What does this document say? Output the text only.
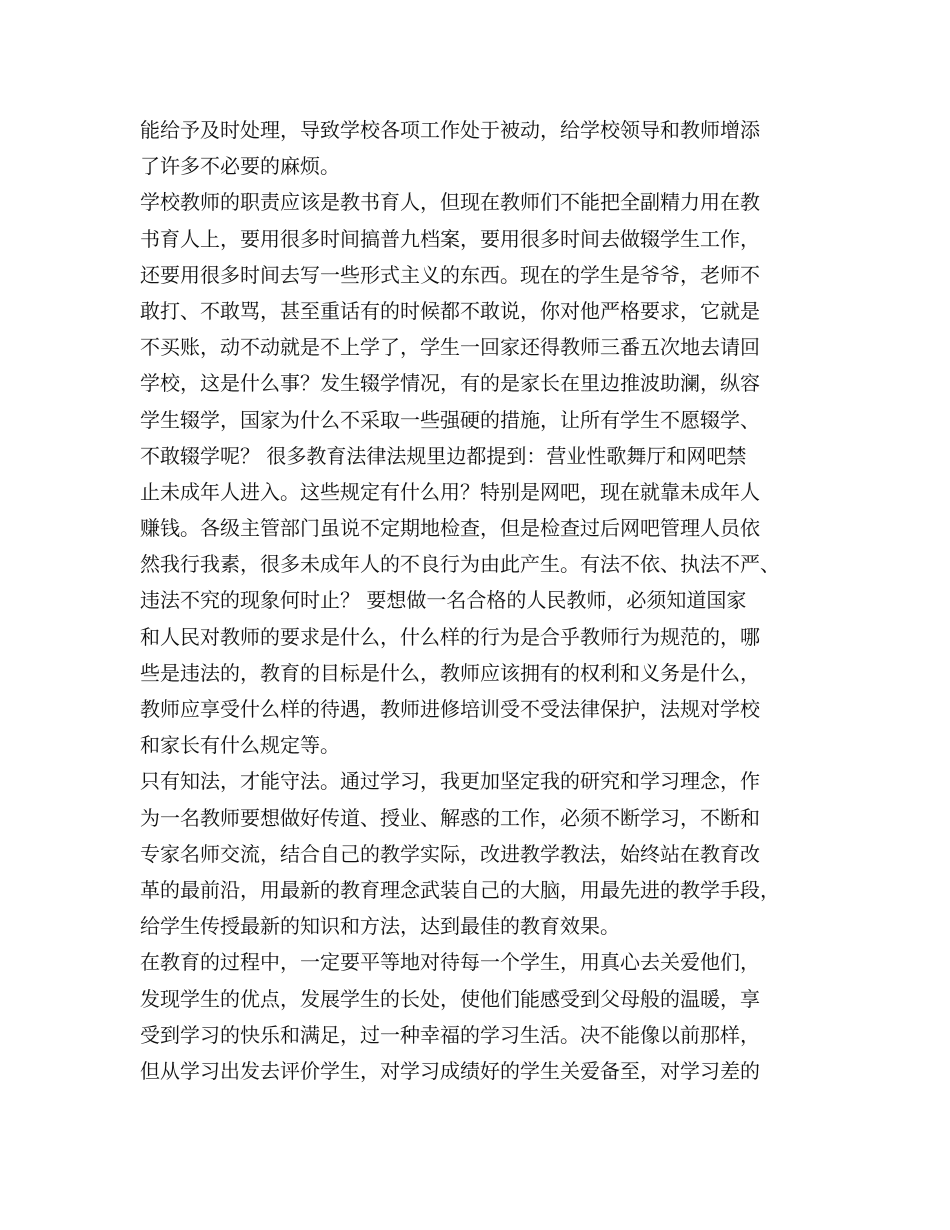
能给予及时处理，导致学校各项工作处于被动，给学校领导和教师增添
了许多不必要的麻烦。
学校教师的职责应该是教书育人，但现在教师们不能把全副精力用在教
书育人上，要用很多时间搞普九档案，要用很多时间去做辍学生工作，
还要用很多时间去写一些形式主义的东西。现在的学生是爷爷，老师不
敢打、不敢骂，甚至重话有的时候都不敢说，你对他严格要求，它就是
不买账，动不动就是不上学了，学生一回家还得教师三番五次地去请回
学校，这是什么事？发生辍学情况，有的是家长在里边推波助澜，纵容
学生辍学，国家为什么不采取一些强硬的措施，让所有学生不愿辍学、
不敢辍学呢？ 很多教育法律法规里边都提到：营业性歌舞厅和网吧禁
止未成年人进入。这些规定有什么用？特别是网吧，现在就靠未成年人
赚钱。各级主管部门虽说不定期地检查，但是检查过后网吧管理人员依
然我行我素，很多未成年人的不良行为由此产生。有法不依、执法不严、
违法不究的现象何时止？ 要想做一名合格的人民教师，必须知道国家
和人民对教师的要求是什么，什么样的行为是合乎教师行为规范的，哪
些是违法的，教育的目标是什么，教师应该拥有的权利和义务是什么，
教师应享受什么样的待遇，教师进修培训受不受法律保护，法规对学校
和家长有什么规定等。
只有知法，才能守法。通过学习，我更加坚定我的研究和学习理念，作
为一名教师要想做好传道、授业、解惑的工作，必须不断学习，不断和
专家名师交流，结合自己的教学实际，改进教学教法，始终站在教育改
革的最前沿，用最新的教育理念武装自己的大脑，用最先进的教学手段，
给学生传授最新的知识和方法，达到最佳的教育效果。
在教育的过程中，一定要平等地对待每一个学生，用真心去关爱他们，
发现学生的优点，发展学生的长处，使他们能感受到父母般的温暖，享
受到学习的快乐和满足，过一种幸福的学习生活。决不能像以前那样，
但从学习出发去评价学生，对学习成绩好的学生关爱备至，对学习差的
